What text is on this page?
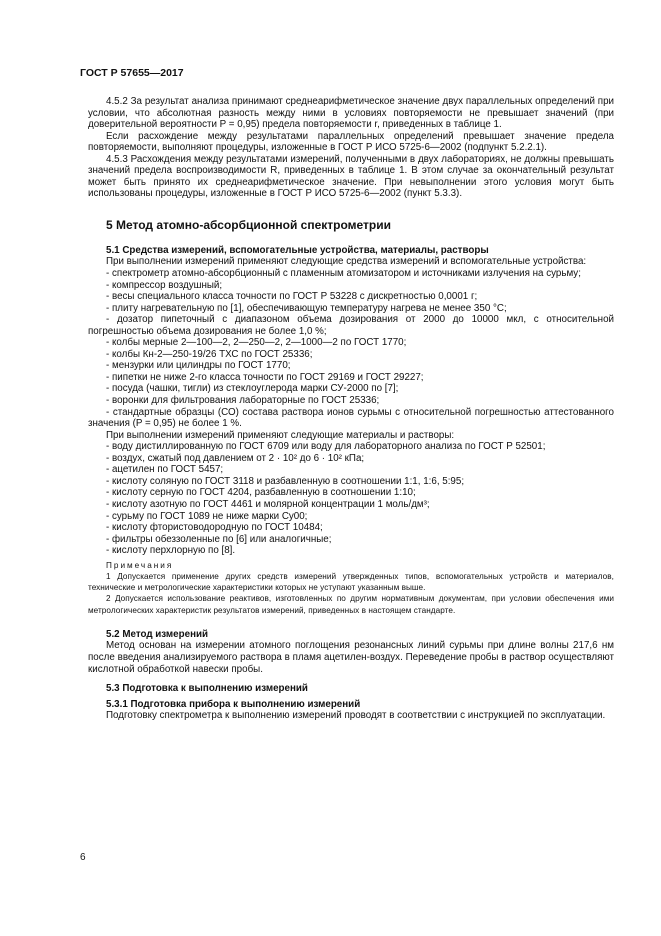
ГОСТ Р 57655—2017

4.5.2 За результат анализа принимают среднеарифметическое значение двух параллельных определений при условии, что абсолютная разность между ними в условиях повторяемости не превышает значений (при доверительной вероятности P = 0,95) предела повторяемости r, приведенных в таблице 1.

Если расхождение между результатами параллельных определений превышает значение предела повторяемости, выполняют процедуры, изложенные в ГОСТ Р ИСО 5725-6—2002 (подпункт 5.2.2.1).

4.5.3 Расхождения между результатами измерений, полученными в двух лабораториях, не должны превышать значений предела воспроизводимости R, приведенных в таблице 1. В этом случае за окончательный результат может быть принято их среднеарифметическое значение. При невыполнении этого условия могут быть использованы процедуры, изложенные в ГОСТ Р ИСО 5725-6—2002 (пункт 5.3.3).

5 Метод атомно-абсорбционной спектрометрии

5.1 Средства измерений, вспомогательные устройства, материалы, растворы

При выполнении измерений применяют следующие средства измерений и вспомогательные устройства:

- спектрометр атомно-абсорбционный с пламенным атомизатором и источниками излучения на сурьму;

- компрессор воздушный;

- весы специального класса точности по ГОСТ Р 53228 с дискретностью 0,0001 г;

- плиту нагревательную по [1], обеспечивающую температуру нагрева не менее 350 °С;

- дозатор пипеточный с диапазоном объема дозирования от 2000 до 10000 мкл, с относительной погрешностью объема дозирования не более 1,0 %;

- колбы мерные 2—100—2, 2—250—2, 2—1000—2 по ГОСТ 1770;

- колбы Кн-2—250-19/26 ТХС по ГОСТ 25336;

- мензурки или цилиндры по ГОСТ 1770;

- пипетки не ниже 2-го класса точности по ГОСТ 29169 и ГОСТ 29227;

- посуда (чашки, тигли) из стеклоуглерода марки СУ-2000 по [7];

- воронки для фильтрования лабораторные по ГОСТ 25336;

- стандартные образцы (СО) состава раствора ионов сурьмы с относительной погрешностью аттестованного значения (P = 0,95) не более 1 %.

При выполнении измерений применяют следующие материалы и растворы:

- воду дистиллированную по ГОСТ 6709 или воду для лабораторного анализа по ГОСТ Р 52501;

- воздух, сжатый под давлением от 2 · 10² до 6 · 10² кПа;

- ацетилен по ГОСТ 5457;

- кислоту соляную по ГОСТ 3118 и разбавленную в соотношении 1:1, 1:6, 5:95;

- кислоту серную по ГОСТ 4204, разбавленную в соотношении 1:10;

- кислоту азотную по ГОСТ 4461 и молярной концентрации 1 моль/дм³;

- сурьму по ГОСТ 1089 не ниже марки Су00;

- кислоту фтористоводородную по ГОСТ 10484;

- фильтры обеззоленные по [6] или аналогичные;

- кислоту перхлорную по [8].

Примечания

1 Допускается применение других средств измерений утвержденных типов, вспомогательных устройств и материалов, технические и метрологические характеристики которых не уступают указанным выше.

2 Допускается использование реактивов, изготовленных по другим нормативным документам, при условии обеспечения ими метрологических характеристик результатов измерений, приведенных в настоящем стандарте.

5.2 Метод измерений

Метод основан на измерении атомного поглощения резонансных линий сурьмы при длине волны 217,6 нм после введения анализируемого раствора в пламя ацетилен-воздух. Переведение пробы в раствор осуществляют кислотной обработкой навески пробы.

5.3 Подготовка к выполнению измерений

5.3.1 Подготовка прибора к выполнению измерений

Подготовку спектрометра к выполнению измерений проводят в соответствии с инструкцией по эксплуатации.

6
